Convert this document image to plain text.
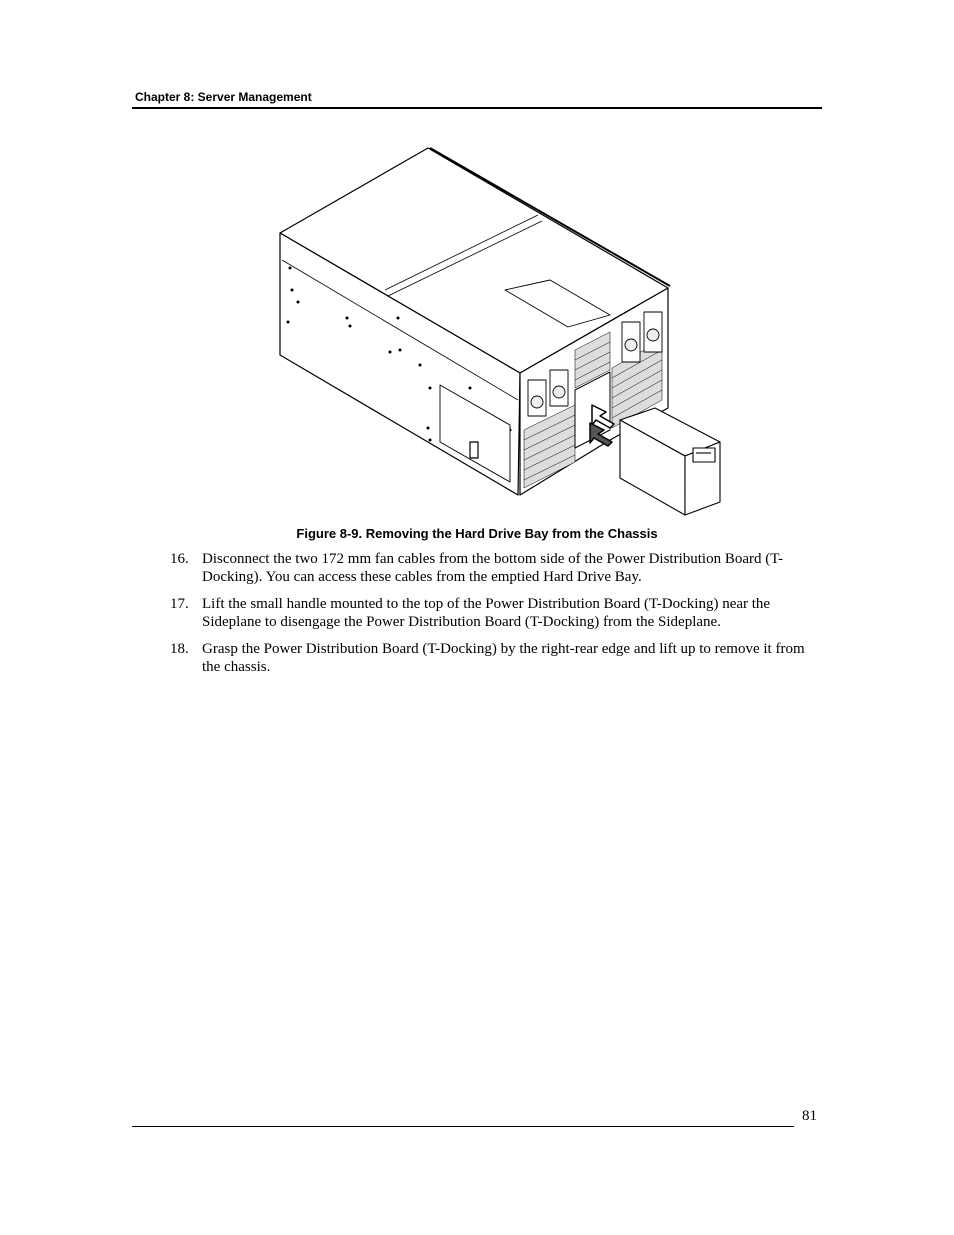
Chapter 8: Server Management
Figure 8-9. Removing the Hard Drive Bay from the Chassis
16. Disconnect the two 172 mm fan cables from the bottom side of the Power Distribution Board (T-Docking). You can access these cables from the emptied Hard Drive Bay.
17. Lift the small handle mounted to the top of the Power Distribution Board (T-Docking) near the Sideplane to disengage the Power Distribution Board (T-Docking) from the Sideplane.
18. Grasp the Power Distribution Board (T-Docking) by the right-rear edge and lift up to remove it from the chassis.
81
